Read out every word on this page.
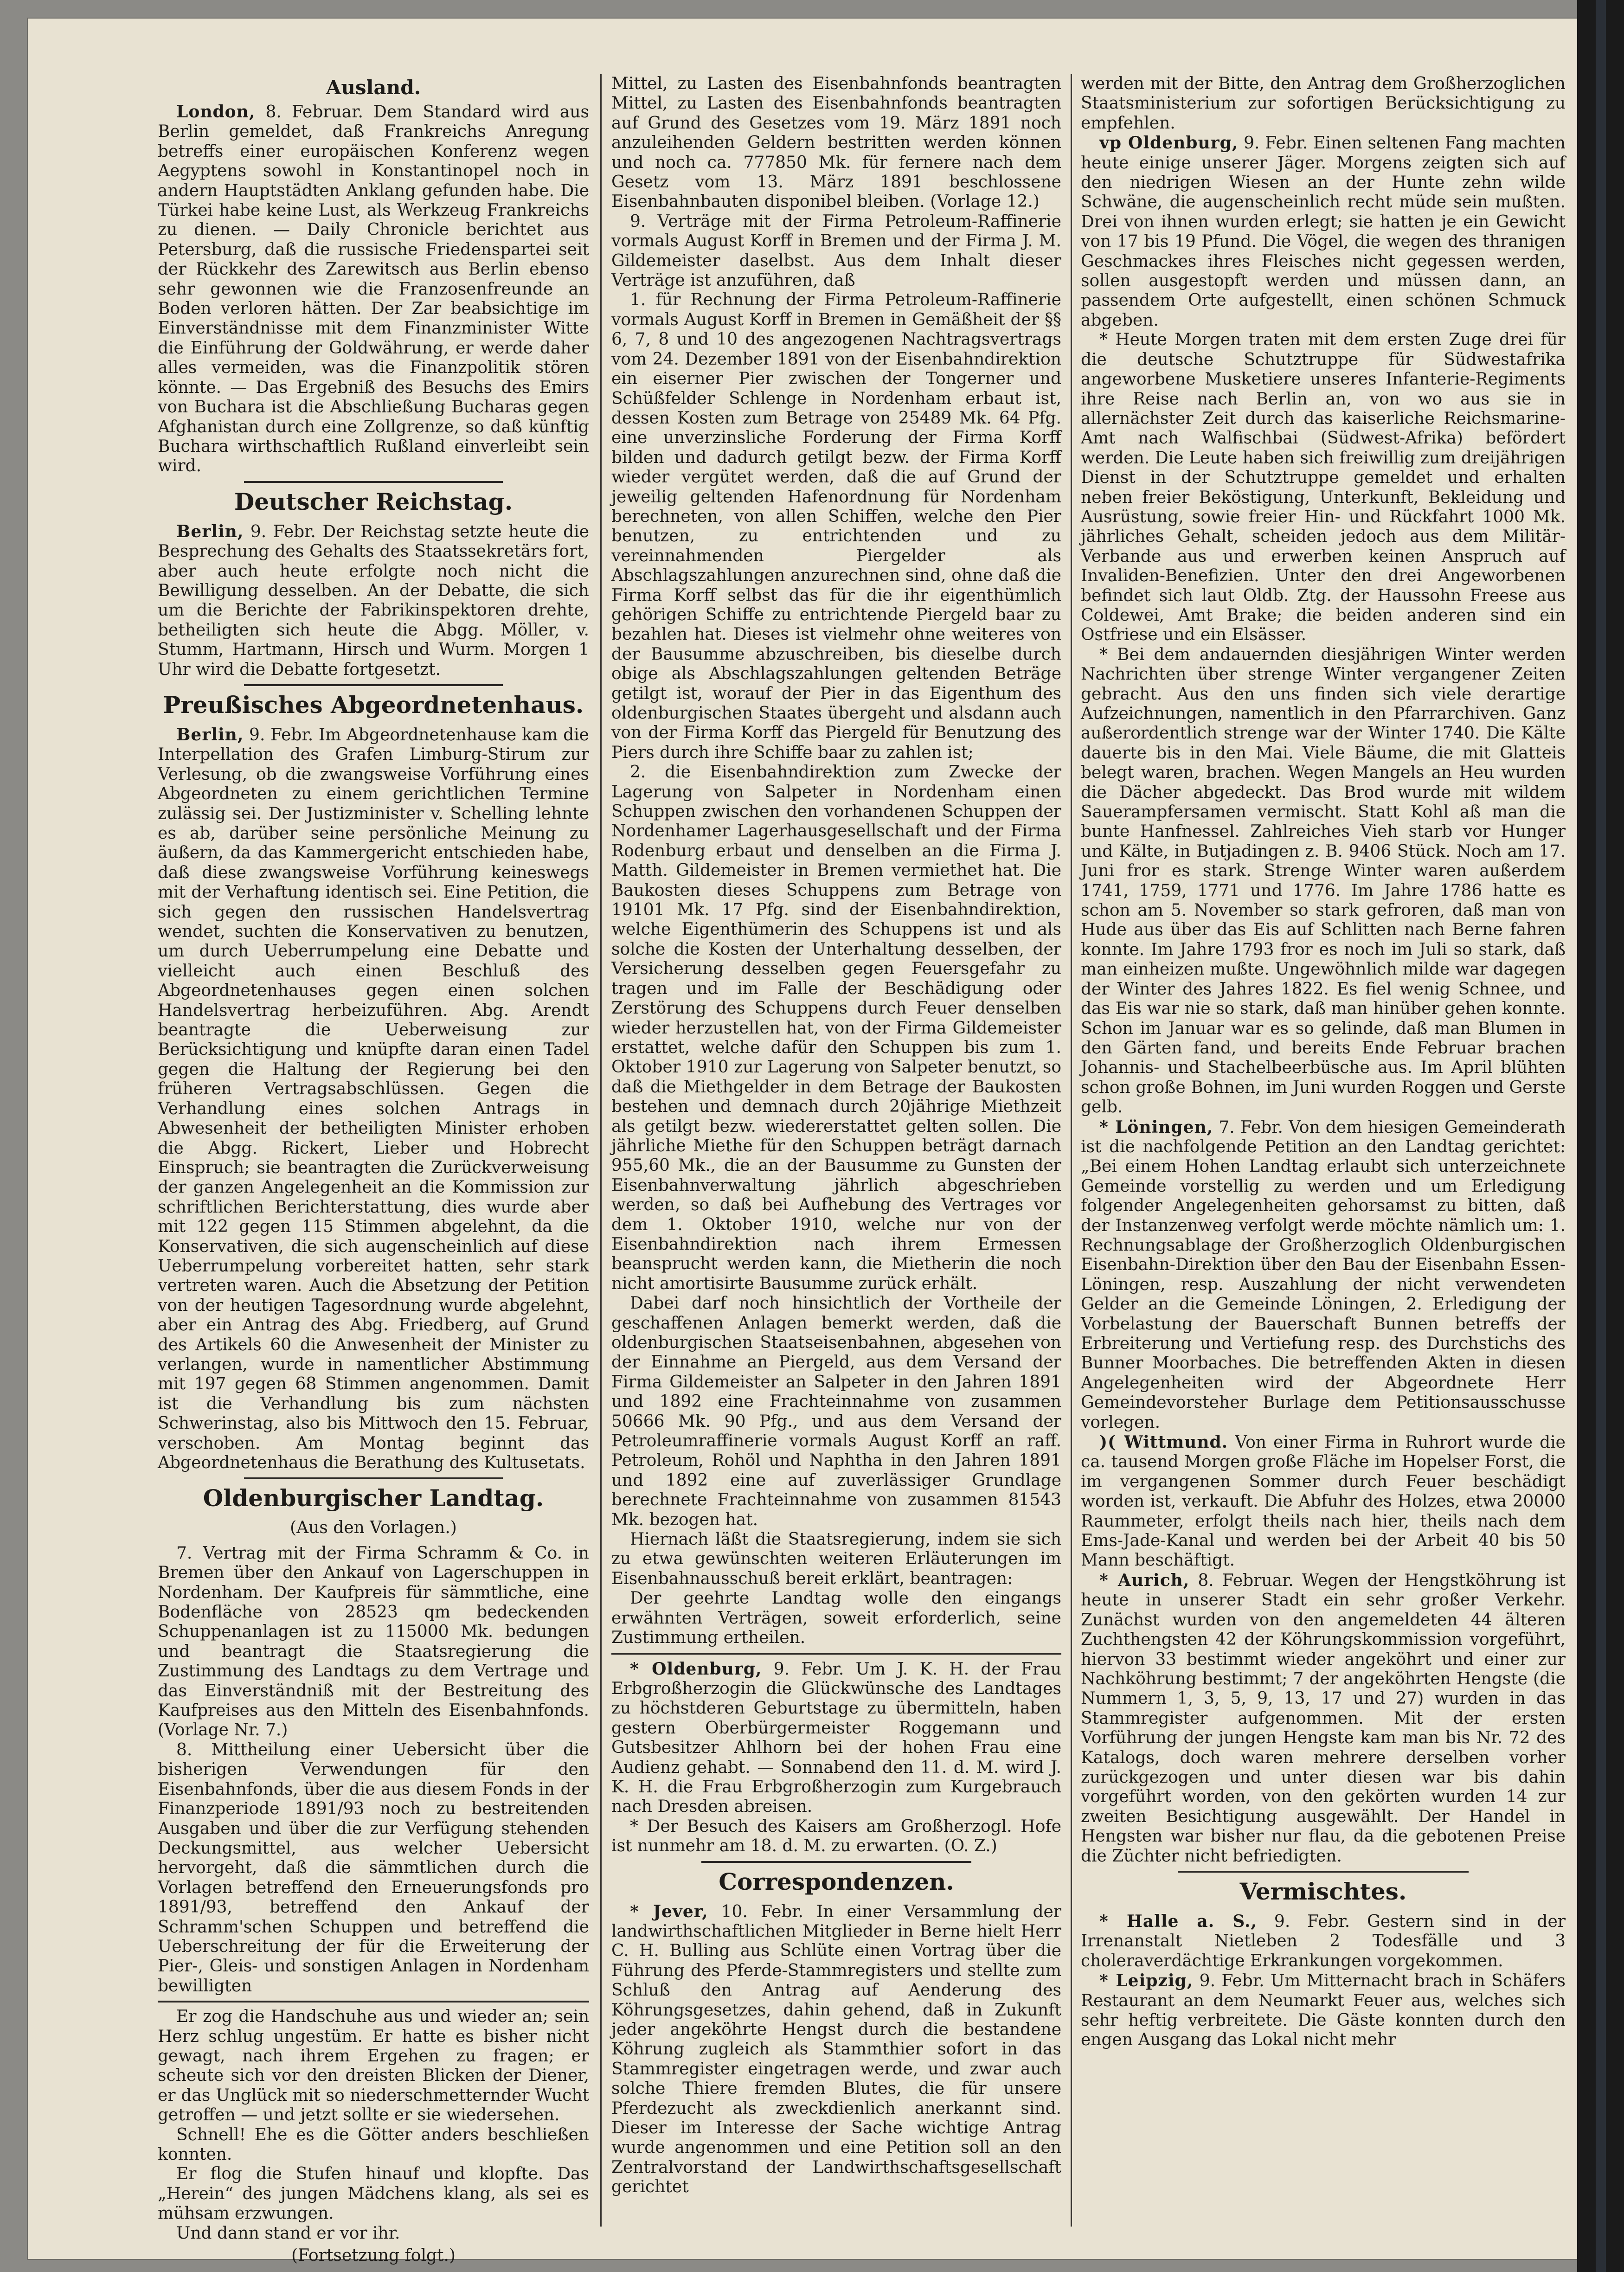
Ausland.

London, 8. Februar. Dem Standard wird aus Berlin gemeldet, daß Frankreichs Anregung betreffs einer europäischen Konferenz wegen Aegyptens sowohl in Konstantinopel noch in andern Hauptstädten Anklang gefunden habe. Die Türkei habe keine Lust, als Werkzeug Frankreichs zu dienen. — Daily Chronicle berichtet aus Petersburg, daß die russische Friedenspartei seit der Rückkehr des Zarewitsch aus Berlin ebenso sehr gewonnen wie die Franzosenfreunde an Boden verloren hätten. Der Zar beabsichtige im Einverständnisse mit dem Finanzminister Witte die Einführung der Goldwährung, er werde daher alles vermeiden, was die Finanzpolitik stören könnte. — Das Ergebniß des Besuchs des Emirs von Buchara ist die Abschließung Bucharas gegen Afghanistan durch eine Zollgrenze, so daß künftig Buchara wirthschaftlich Rußland einverleibt sein wird.

Deutscher Reichstag.

Berlin, 9. Febr. Der Reichstag setzte heute die Besprechung des Gehalts des Staatssekretärs fort, aber auch heute erfolgte noch nicht die Bewilligung desselben. An der Debatte, die sich um die Berichte der Fabrikinspektoren drehte, betheiligten sich heute die Abgg. Möller, v. Stumm, Hartmann, Hirsch und Wurm. Morgen 1 Uhr wird die Debatte fortgesetzt.

Preußisches Abgeordnetenhaus.

Berlin, 9. Febr. Im Abgeordnetenhause kam die Interpellation des Grafen Limburg-Stirum zur Verlesung, ob die zwangsweise Vorführung eines Abgeordneten zu einem gerichtlichen Termine zulässig sei. Der Justizminister v. Schelling lehnte es ab, darüber seine persönliche Meinung zu äußern, da das Kammergericht entschieden habe, daß diese zwangsweise Vorführung keineswegs mit der Verhaftung identisch sei. Eine Petition, die sich gegen den russischen Handelsvertrag wendet, suchten die Konservativen zu benutzen, um durch Ueberrumpelung eine Debatte und vielleicht auch einen Beschluß des Abgeordnetenhauses gegen einen solchen Handelsvertrag herbeizuführen. Abg. Arendt beantragte die Ueberweisung zur Berücksichtigung und knüpfte daran einen Tadel gegen die Haltung der Regierung bei den früheren Vertragsabschlüssen. Gegen die Verhandlung eines solchen Antrags in Abwesenheit der betheiligten Minister erhoben die Abgg. Rickert, Lieber und Hobrecht Einspruch; sie beantragten die Zurückverweisung der ganzen Angelegenheit an die Kommission zur schriftlichen Berichterstattung, dies wurde aber mit 122 gegen 115 Stimmen abgelehnt, da die Konservativen, die sich augenscheinlich auf diese Ueberrumpelung vorbereitet hatten, sehr stark vertreten waren. Auch die Absetzung der Petition von der heutigen Tagesordnung wurde abgelehnt, aber ein Antrag des Abg. Friedberg, auf Grund des Artikels 60 die Anwesenheit der Minister zu verlangen, wurde in namentlicher Abstimmung mit 197 gegen 68 Stimmen angenommen. Damit ist die Verhandlung bis zum nächsten Schwerinstag, also bis Mittwoch den 15. Februar, verschoben. Am Montag beginnt das Abgeordnetenhaus die Berathung des Kultusetats.

Oldenburgischer Landtag.

(Aus den Vorlagen.)

7. Vertrag mit der Firma Schramm & Co. in Bremen über den Ankauf von Lagerschuppen in Nordenham. Der Kaufpreis für sämmtliche, eine Bodenfläche von 28523 qm bedeckenden Schuppenanlagen ist zu 115000 Mk. bedungen und beantragt die Staatsregierung die Zustimmung des Landtags zu dem Vertrage und das Einverständniß mit der Bestreitung des Kaufpreises aus den Mitteln des Eisenbahnfonds. (Vorlage Nr. 7.)

8. Mittheilung einer Uebersicht über die bisherigen Verwendungen für den Eisenbahnfonds, über die aus diesem Fonds in der Finanzperiode 1891/93 noch zu bestreitenden Ausgaben und über die zur Verfügung stehenden Deckungsmittel, aus welcher Uebersicht hervorgeht, daß die sämmtlichen durch die Vorlagen betreffend den Erneuerungsfonds pro 1891/93, betreffend den Ankauf der Schramm'schen Schuppen und betreffend die Ueberschreitung der für die Erweiterung der Pier-, Gleis- und sonstigen Anlagen in Nordenham bewilligten

Er zog die Handschuhe aus und wieder an; sein Herz schlug ungestüm. Er hatte es bisher nicht gewagt, nach ihrem Ergehen zu fragen; er scheute sich vor den dreisten Blicken der Diener, er das Unglück mit so niederschmetternder Wucht getroffen — und jetzt sollte er sie wiedersehen.

Schnell! Ehe es die Götter anders beschließen konnten.

Er flog die Stufen hinauf und klopfte. Das „Herein“ des jungen Mädchens klang, als sei es mühsam erzwungen.

Und dann stand er vor ihr.

(Fortsetzung folgt.)

Mittel, zu Lasten des Eisenbahnfonds beantragten Mittel, zu Lasten des Eisenbahnfonds beantragten auf Grund des Gesetzes vom 19. März 1891 noch anzuleihenden Geldern bestritten werden können und noch ca. 777850 Mk. für fernere nach dem Gesetz vom 13. März 1891 beschlossene Eisenbahnbauten disponibel bleiben. (Vorlage 12.)

9. Verträge mit der Firma Petroleum-Raffinerie vormals August Korff in Bremen und der Firma J. M. Gildemeister daselbst. Aus dem Inhalt dieser Verträge ist anzuführen, daß

1. für Rechnung der Firma Petroleum-Raffinerie vormals August Korff in Bremen in Gemäßheit der §§ 6, 7, 8 und 10 des angezogenen Nachtragsvertrags vom 24. Dezember 1891 von der Eisenbahndirektion ein eiserner Pier zwischen der Tongerner und Schüßfelder Schlenge in Nordenham erbaut ist, dessen Kosten zum Betrage von 25489 Mk. 64 Pfg. eine unverzinsliche Forderung der Firma Korff bilden und dadurch getilgt bezw. der Firma Korff wieder vergütet werden, daß die auf Grund der jeweilig geltenden Hafenordnung für Nordenham berechneten, von allen Schiffen, welche den Pier benutzen, zu entrichtenden und zu vereinnahmenden Piergelder als Abschlagszahlungen anzurechnen sind, ohne daß die Firma Korff selbst das für die ihr eigenthümlich gehörigen Schiffe zu entrichtende Piergeld baar zu bezahlen hat. Dieses ist vielmehr ohne weiteres von der Bausumme abzuschreiben, bis dieselbe durch obige als Abschlagszahlungen geltenden Beträge getilgt ist, worauf der Pier in das Eigenthum des oldenburgischen Staates übergeht und alsdann auch von der Firma Korff das Piergeld für Benutzung des Piers durch ihre Schiffe baar zu zahlen ist;

2. die Eisenbahndirektion zum Zwecke der Lagerung von Salpeter in Nordenham einen Schuppen zwischen den vorhandenen Schuppen der Nordenhamer Lagerhausgesellschaft und der Firma Rodenburg erbaut und denselben an die Firma J. Matth. Gildemeister in Bremen vermiethet hat. Die Baukosten dieses Schuppens zum Betrage von 19101 Mk. 17 Pfg. sind der Eisenbahndirektion, welche Eigenthümerin des Schuppens ist und als solche die Kosten der Unterhaltung desselben, der Versicherung desselben gegen Feuersgefahr zu tragen und im Falle der Beschädigung oder Zerstörung des Schuppens durch Feuer denselben wieder herzustellen hat, von der Firma Gildemeister erstattet, welche dafür den Schuppen bis zum 1. Oktober 1910 zur Lagerung von Salpeter benutzt, so daß die Miethgelder in dem Betrage der Baukosten bestehen und demnach durch 20jährige Miethzeit als getilgt bezw. wiedererstattet gelten sollen. Die jährliche Miethe für den Schuppen beträgt darnach 955,60 Mk., die an der Bausumme zu Gunsten der Eisenbahnverwaltung jährlich abgeschrieben werden, so daß bei Aufhebung des Vertrages vor dem 1. Oktober 1910, welche nur von der Eisenbahndirektion nach ihrem Ermessen beansprucht werden kann, die Mietherin die noch nicht amortisirte Bausumme zurück erhält.

Dabei darf noch hinsichtlich der Vortheile der geschaffenen Anlagen bemerkt werden, daß die oldenburgischen Staatseisenbahnen, abgesehen von der Einnahme an Piergeld, aus dem Versand der Firma Gildemeister an Salpeter in den Jahren 1891 und 1892 eine Frachteinnahme von zusammen 50666 Mk. 90 Pfg., und aus dem Versand der Petroleumraffinerie vormals August Korff an raff. Petroleum, Rohöl und Naphtha in den Jahren 1891 und 1892 eine auf zuverlässiger Grundlage berechnete Frachteinnahme von zusammen 81543 Mk. bezogen hat.

Hiernach läßt die Staatsregierung, indem sie sich zu etwa gewünschten weiteren Erläuterungen im Eisenbahnausschuß bereit erklärt, beantragen:

Der geehrte Landtag wolle den eingangs erwähnten Verträgen, soweit erforderlich, seine Zustimmung ertheilen.

* Oldenburg, 9. Febr. Um J. K. H. der Frau Erbgroßherzogin die Glückwünsche des Landtages zu höchstderen Geburtstage zu übermitteln, haben gestern Oberbürgermeister Roggemann und Gutsbesitzer Ahlhorn bei der hohen Frau eine Audienz gehabt. — Sonnabend den 11. d. M. wird J. K. H. die Frau Erbgroßherzogin zum Kurgebrauch nach Dresden abreisen.

* Der Besuch des Kaisers am Großherzogl. Hofe ist nunmehr am 18. d. M. zu erwarten. (O. Z.)

Correspondenzen.

* Jever, 10. Febr. In einer Versammlung der landwirthschaftlichen Mitglieder in Berne hielt Herr C. H. Bulling aus Schlüte einen Vortrag über die Führung des Pferde-Stammregisters und stellte zum Schluß den Antrag auf Aenderung des Köhrungsgesetzes, dahin gehend, daß in Zukunft jeder angeköhrte Hengst durch die bestandene Köhrung zugleich als Stammthier sofort in das Stammregister eingetragen werde, und zwar auch solche Thiere fremden Blutes, die für unsere Pferdezucht als zweckdienlich anerkannt sind. Dieser im Interesse der Sache wichtige Antrag wurde angenommen und eine Petition soll an den Zentralvorstand der Landwirthschaftsgesellschaft gerichtet

werden mit der Bitte, den Antrag dem Großherzoglichen Staatsministerium zur sofortigen Berücksichtigung zu empfehlen.

vp Oldenburg, 9. Febr. Einen seltenen Fang machten heute einige unserer Jäger. Morgens zeigten sich auf den niedrigen Wiesen an der Hunte zehn wilde Schwäne, die augenscheinlich recht müde sein mußten. Drei von ihnen wurden erlegt; sie hatten je ein Gewicht von 17 bis 19 Pfund. Die Vögel, die wegen des thranigen Geschmackes ihres Fleisches nicht gegessen werden, sollen ausgestopft werden und müssen dann, an passendem Orte aufgestellt, einen schönen Schmuck abgeben.

* Heute Morgen traten mit dem ersten Zuge drei für die deutsche Schutztruppe für Südwestafrika angeworbene Musketiere unseres Infanterie-Regiments ihre Reise nach Berlin an, von wo aus sie in allernächster Zeit durch das kaiserliche Reichsmarine-Amt nach Walfischbai (Südwest-Afrika) befördert werden. Die Leute haben sich freiwillig zum dreijährigen Dienst in der Schutztruppe gemeldet und erhalten neben freier Beköstigung, Unterkunft, Bekleidung und Ausrüstung, sowie freier Hin- und Rückfahrt 1000 Mk. jährliches Gehalt, scheiden jedoch aus dem Militär-Verbande aus und erwerben keinen Anspruch auf Invaliden-Benefizien. Unter den drei Angeworbenen befindet sich laut Oldb. Ztg. der Haussohn Freese aus Coldewei, Amt Brake; die beiden anderen sind ein Ostfriese und ein Elsässer.

* Bei dem andauernden diesjährigen Winter werden Nachrichten über strenge Winter vergangener Zeiten gebracht. Aus den uns finden sich viele derartige Aufzeichnungen, namentlich in den Pfarrarchiven. Ganz außerordentlich strenge war der Winter 1740. Die Kälte dauerte bis in den Mai. Viele Bäume, die mit Glatteis belegt waren, brachen. Wegen Mangels an Heu wurden die Dächer abgedeckt. Das Brod wurde mit wildem Sauerampfersamen vermischt. Statt Kohl aß man die bunte Hanfnessel. Zahlreiches Vieh starb vor Hunger und Kälte, in Butjadingen z. B. 9406 Stück. Noch am 17. Juni fror es stark. Strenge Winter waren außerdem 1741, 1759, 1771 und 1776. Im Jahre 1786 hatte es schon am 5. November so stark gefroren, daß man von Hude aus über das Eis auf Schlitten nach Berne fahren konnte. Im Jahre 1793 fror es noch im Juli so stark, daß man einheizen mußte. Ungewöhnlich milde war dagegen der Winter des Jahres 1822. Es fiel wenig Schnee, und das Eis war nie so stark, daß man hinüber gehen konnte. Schon im Januar war es so gelinde, daß man Blumen in den Gärten fand, und bereits Ende Februar brachen Johannis- und Stachelbeerbüsche aus. Im April blühten schon große Bohnen, im Juni wurden Roggen und Gerste gelb.

* Löningen, 7. Febr. Von dem hiesigen Gemeinderath ist die nachfolgende Petition an den Landtag gerichtet: „Bei einem Hohen Landtag erlaubt sich unterzeichnete Gemeinde vorstellig zu werden und um Erledigung folgender Angelegenheiten gehorsamst zu bitten, daß der Instanzenweg verfolgt werde möchte nämlich um: 1. Rechnungsablage der Großherzoglich Oldenburgischen Eisenbahn-Direktion über den Bau der Eisenbahn Essen-Löningen, resp. Auszahlung der nicht verwendeten Gelder an die Gemeinde Löningen, 2. Erledigung der Vorbelastung der Bauerschaft Bunnen betreffs der Erbreiterung und Vertiefung resp. des Durchstichs des Bunner Moorbaches. Die betreffenden Akten in diesen Angelegenheiten wird der Abgeordnete Herr Gemeindevorsteher Burlage dem Petitionsausschusse vorlegen.

)( Wittmund. Von einer Firma in Ruhrort wurde die ca. tausend Morgen große Fläche im Hopelser Forst, die im vergangenen Sommer durch Feuer beschädigt worden ist, verkauft. Die Abfuhr des Holzes, etwa 20000 Raummeter, erfolgt theils nach hier, theils nach dem Ems-Jade-Kanal und werden bei der Arbeit 40 bis 50 Mann beschäftigt.

* Aurich, 8. Februar. Wegen der Hengstköhrung ist heute in unserer Stadt ein sehr großer Verkehr. Zunächst wurden von den angemeldeten 44 älteren Zuchthengsten 42 der Köhrungskommission vorgeführt, hiervon 33 bestimmt wieder angeköhrt und einer zur Nachköhrung bestimmt; 7 der angeköhrten Hengste (die Nummern 1, 3, 5, 9, 13, 17 und 27) wurden in das Stammregister aufgenommen. Mit der ersten Vorführung der jungen Hengste kam man bis Nr. 72 des Katalogs, doch waren mehrere derselben vorher zurückgezogen und unter diesen war bis dahin vorgeführt worden, von den gekörten wurden 14 zur zweiten Besichtigung ausgewählt. Der Handel in Hengsten war bisher nur flau, da die gebotenen Preise die Züchter nicht befriedigten.

Vermischtes.

* Halle a. S., 9. Febr. Gestern sind in der Irrenanstalt Nietleben 2 Todesfälle und 3 choleraverdächtige Erkrankungen vorgekommen.

* Leipzig, 9. Febr. Um Mitternacht brach in Schäfers Restaurant an dem Neumarkt Feuer aus, welches sich sehr heftig verbreitete. Die Gäste konnten durch den engen Ausgang das Lokal nicht mehr
